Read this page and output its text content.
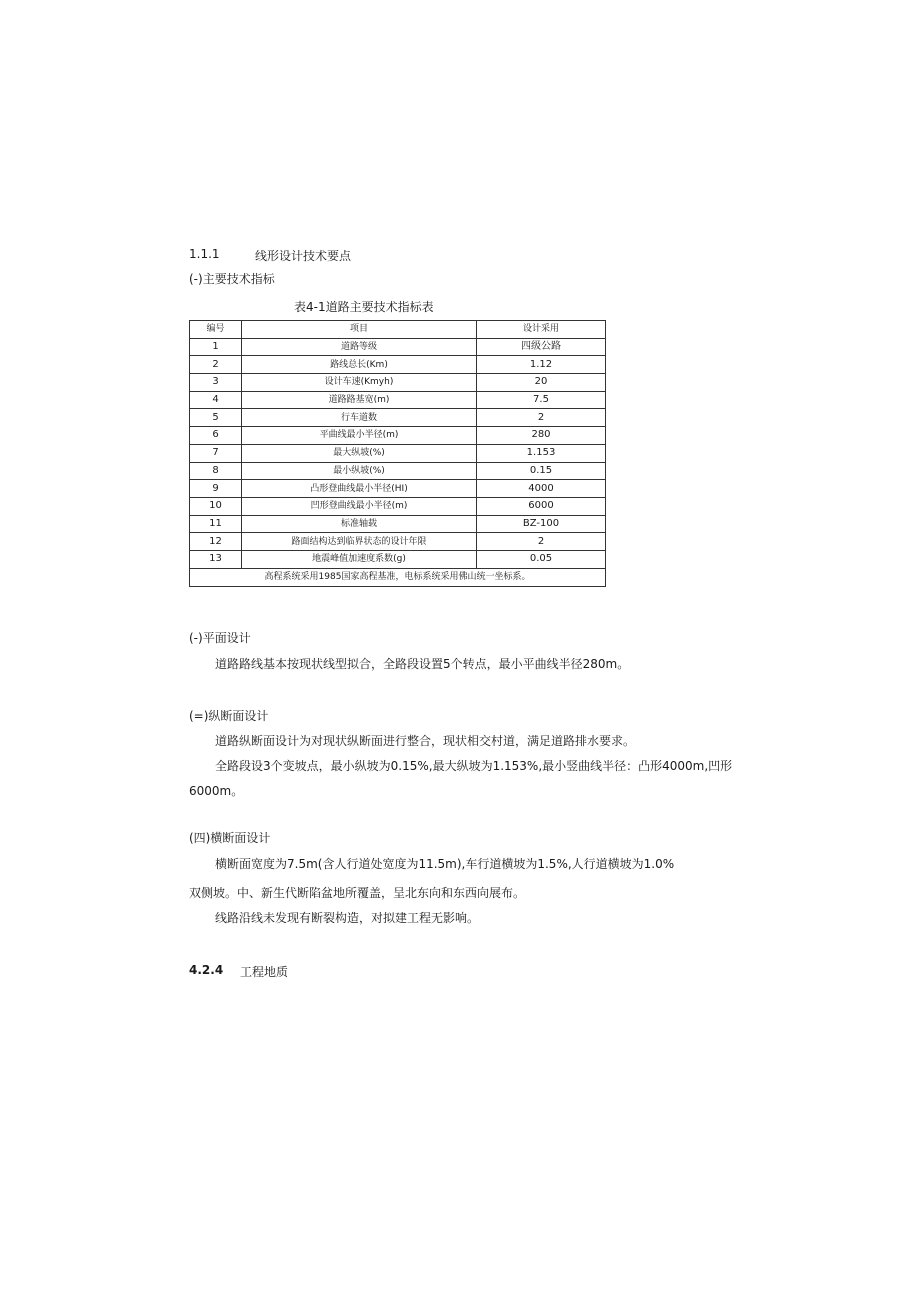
1.1.1	线形设计技术要点
(-)主要技术指标
表4-1道路主要技术指标表
编号	项目	设计采用
1	道路等级	四级公路
2	路线总长(Km)	1.12
3	设计车速(Kmyh)	20
4	道路路基宽(m)	7.5
5	行车道数	2
6	平曲线最小半径(m)	280
7	最大纵坡(%)	1.153
8	最小纵坡(%)	0.15
9	凸形登曲线最小半径(HI)	4000
10	凹形登曲线最小半径(m)	6000
11	标准轴载	BZ-100
12	路面结构达到临界状态的设计年限	2
13	地震峰值加速度系数(g)	0.05
高程系统采用1985国家高程基准，电标系统采用佛山统一坐标系。		
(-)平面设计
道路路线基本按现状线型拟合，全路段设置5个转点，最小平曲线半径280m。
(=)纵断面设计
道路纵断面设计为对现状纵断面进行整合，现状相交村道，满足道路排水要求。
全路段设3个变坡点，最小纵坡为0.15%,最大纵坡为1.153%,最小竖曲线半径：凸形4000m,凹形
6000m。
(四)横断面设计
横断面宽度为7.5m(含人行道处宽度为11.5m),车行道横坡为1.5%,人行道横坡为1.0%
双侧坡。中、新生代断陷盆地所覆盖，呈北东向和东西向展布。
线路沿线未发现有断裂构造，对拟建工程无影响。
4.2.4 工程地质
